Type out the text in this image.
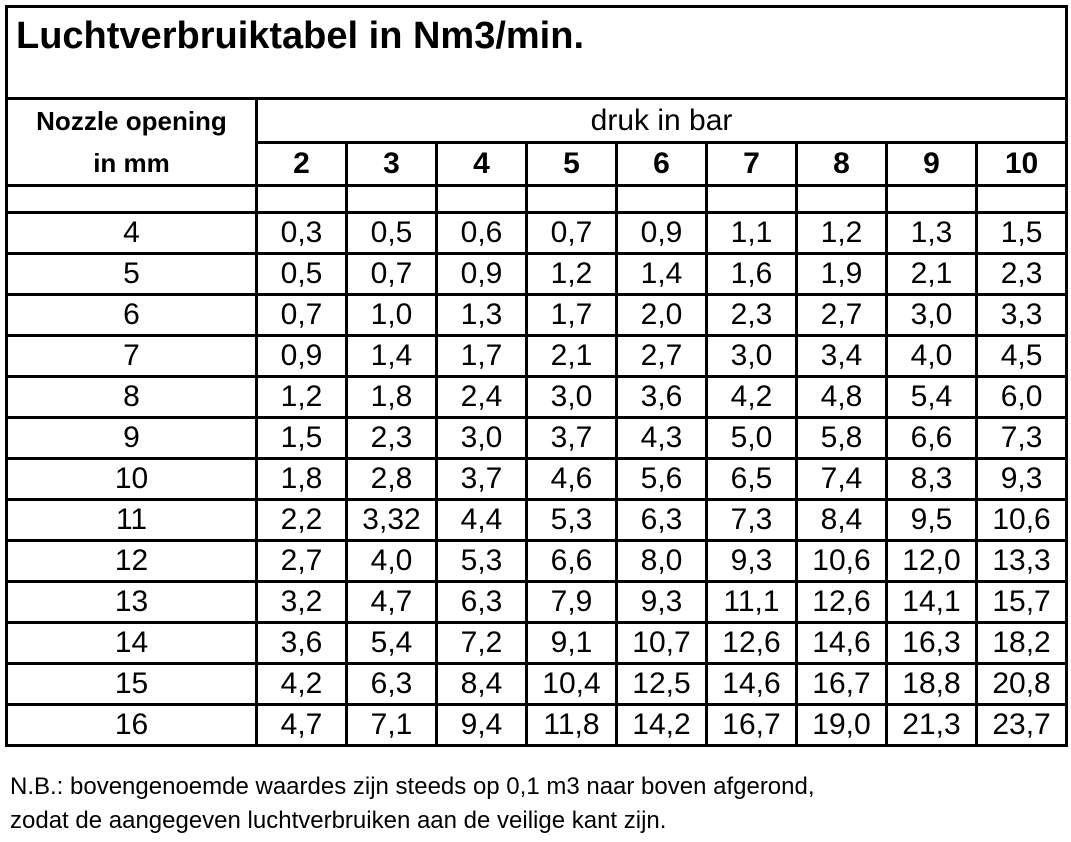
Luchtverbruiktabel in Nm3/min.									

Nozzle opening
in mm	druk in bar								
	2	3	4	5	6	7	8	9	10

4	0,3	0,5	0,6	0,7	0,9	1,1	1,2	1,3	1,5
5	0,5	0,7	0,9	1,2	1,4	1,6	1,9	2,1	2,3
6	0,7	1,0	1,3	1,7	2,0	2,3	2,7	3,0	3,3
7	0,9	1,4	1,7	2,1	2,7	3,0	3,4	4,0	4,5
8	1,2	1,8	2,4	3,0	3,6	4,2	4,8	5,4	6,0
9	1,5	2,3	3,0	3,7	4,3	5,0	5,8	6,6	7,3
10	1,8	2,8	3,7	4,6	5,6	6,5	7,4	8,3	9,3
11	2,2	3,32	4,4	5,3	6,3	7,3	8,4	9,5	10,6
12	2,7	4,0	5,3	6,6	8,0	9,3	10,6	12,0	13,3
13	3,2	4,7	6,3	7,9	9,3	11,1	12,6	14,1	15,7
14	3,6	5,4	7,2	9,1	10,7	12,6	14,6	16,3	18,2
15	4,2	6,3	8,4	10,4	12,5	14,6	16,7	18,8	20,8
16	4,7	7,1	9,4	11,8	14,2	16,7	19,0	21,3	23,7
N.B.: bovengenoemde waardes zijn steeds op 0,1 m3 naar boven afgerond,
zodat de aangegeven luchtverbruiken aan de veilige kant zijn.
